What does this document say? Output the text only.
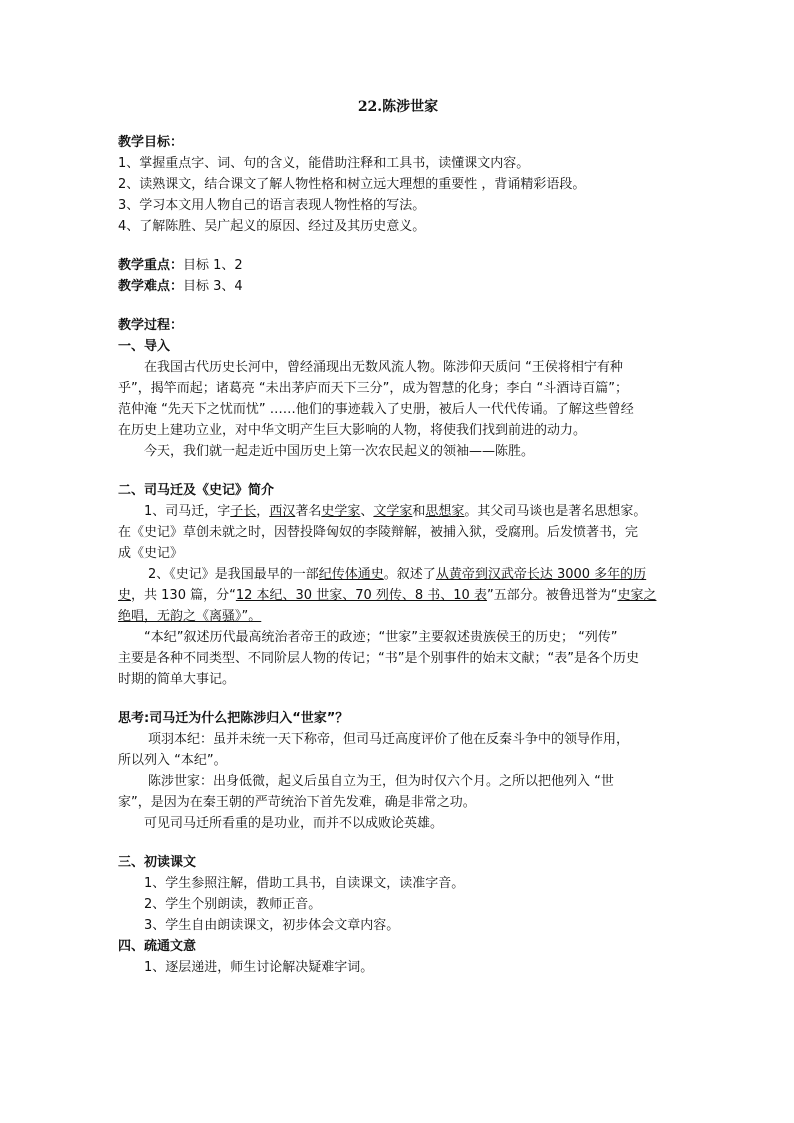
22.陈涉世家
教学目标：
1、掌握重点字、词、句的含义，能借助注释和工具书，读懂课文内容。
2、读熟课文，结合课文了解人物性格和树立远大理想的重要性 ，背诵精彩语段。
3、学习本文用人物自己的语言表现人物性格的写法。
4、了解陈胜、吴广起义的原因、经过及其历史意义。
教学重点：目标 1、2
教学难点：目标 3、4
教学过程：
一、导入
在我国古代历史长河中，曾经涌现出无数风流人物。陈涉仰天质问 “王侯将相宁有种
乎”，揭竿而起；诸葛亮 “未出茅庐而天下三分”，成为智慧的化身；李白 “斗酒诗百篇”；
范仲淹 “先天下之忧而忧” ……他们的事迹载入了史册，被后人一代代传诵。了解这些曾经
在历史上建功立业，对中华文明产生巨大影响的人物，将使我们找到前进的动力。
今天，我们就一起走近中国历史上第一次农民起义的领袖——陈胜。
二、司马迁及《史记》简介
1、司马迁，字子长，西汉著名史学家、文学家和思想家。其父司马谈也是著名思想家。
在《史记》草创未就之时，因替投降匈奴的李陵辩解，被捕入狱，受腐刑。后发愤著书，完
成《史记》
2、《史记》是我国最早的一部纪传体通史。叙述了从黄帝到汉武帝长达 3000 多年的历
史，共 130 篇，分“12 本纪、30 世家、70 列传、8 书、10 表”五部分。被鲁迅誉为“史家之
绝唱，无韵之《离骚》”。
“本纪”叙述历代最高统治者帝王的政迹；“世家”主要叙述贵族侯王的历史； “列传”
主要是各种不同类型、不同阶层人物的传记；“书”是个别事件的始末文献；“表”是各个历史
时期的简单大事记。
思考:司马迁为什么把陈涉归入“世家”？
项羽本纪：虽并未统一天下称帝，但司马迁高度评价了他在反秦斗争中的领导作用，
所以列入 “本纪”。
陈涉世家：出身低微，起义后虽自立为王，但为时仅六个月。之所以把他列入 “世
家”，是因为在秦王朝的严苛统治下首先发难，确是非常之功。
可见司马迁所看重的是功业，而并不以成败论英雄。
三、初读课文
1、学生参照注解，借助工具书，自读课文，读准字音。
2、学生个别朗读，教师正音。
3、学生自由朗读课文，初步体会文章内容。
四、疏通文意
1、逐层递进，师生讨论解决疑难字词。
